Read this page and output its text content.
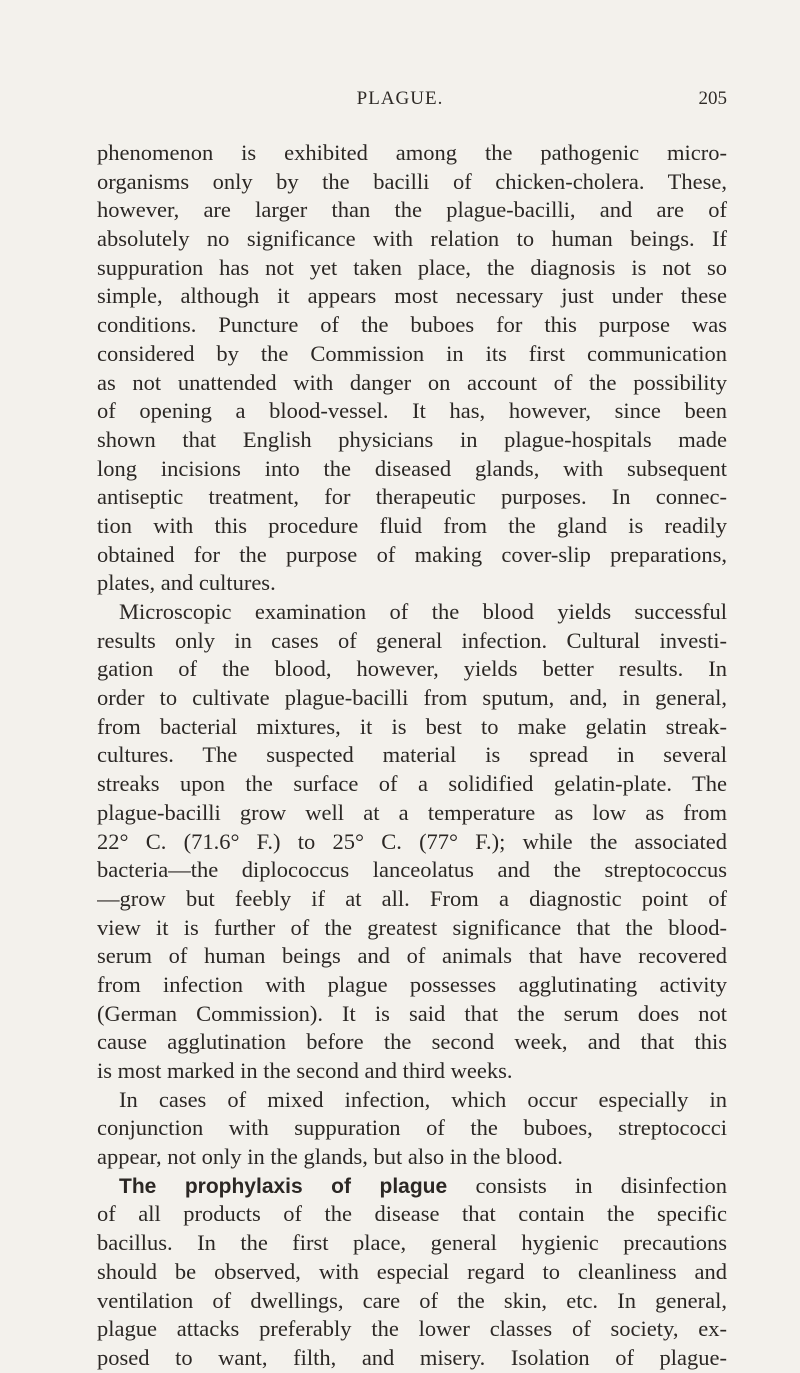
PLAGUE.	205
phenomenon is exhibited among the pathogenic micro-
organisms only by the bacilli of chicken-cholera. These,
however, are larger than the plague-bacilli, and are of
absolutely no significance with relation to human beings. If
suppuration has not yet taken place, the diagnosis is not so
simple, although it appears most necessary just under these
conditions. Puncture of the buboes for this purpose was
considered by the Commission in its first communication
as not unattended with danger on account of the possibility
of opening a blood-vessel. It has, however, since been
shown that English physicians in plague-hospitals made
long incisions into the diseased glands, with subsequent
antiseptic treatment, for therapeutic purposes. In connec-
tion with this procedure fluid from the gland is readily
obtained for the purpose of making cover-slip preparations,
plates, and cultures.
Microscopic examination of the blood yields successful
results only in cases of general infection. Cultural investi-
gation of the blood, however, yields better results. In
order to cultivate plague-bacilli from sputum, and, in general,
from bacterial mixtures, it is best to make gelatin streak-
cultures. The suspected material is spread in several
streaks upon the surface of a solidified gelatin-plate. The
plague-bacilli grow well at a temperature as low as from
22° C. (71.6° F.) to 25° C. (77° F.); while the associated
bacteria—the diplococcus lanceolatus and the streptococcus
—grow but feebly if at all. From a diagnostic point of
view it is further of the greatest significance that the blood-
serum of human beings and of animals that have recovered
from infection with plague possesses agglutinating activity
(German Commission). It is said that the serum does not
cause agglutination before the second week, and that this
is most marked in the second and third weeks.
In cases of mixed infection, which occur especially in
conjunction with suppuration of the buboes, streptococci
appear, not only in the glands, but also in the blood.
The prophylaxis of plague consists in disinfection
of all products of the disease that contain the specific
bacillus. In the first place, general hygienic precautions
should be observed, with especial regard to cleanliness and
ventilation of dwellings, care of the skin, etc. In general,
plague attacks preferably the lower classes of society, ex-
posed to want, filth, and misery. Isolation of plague-
